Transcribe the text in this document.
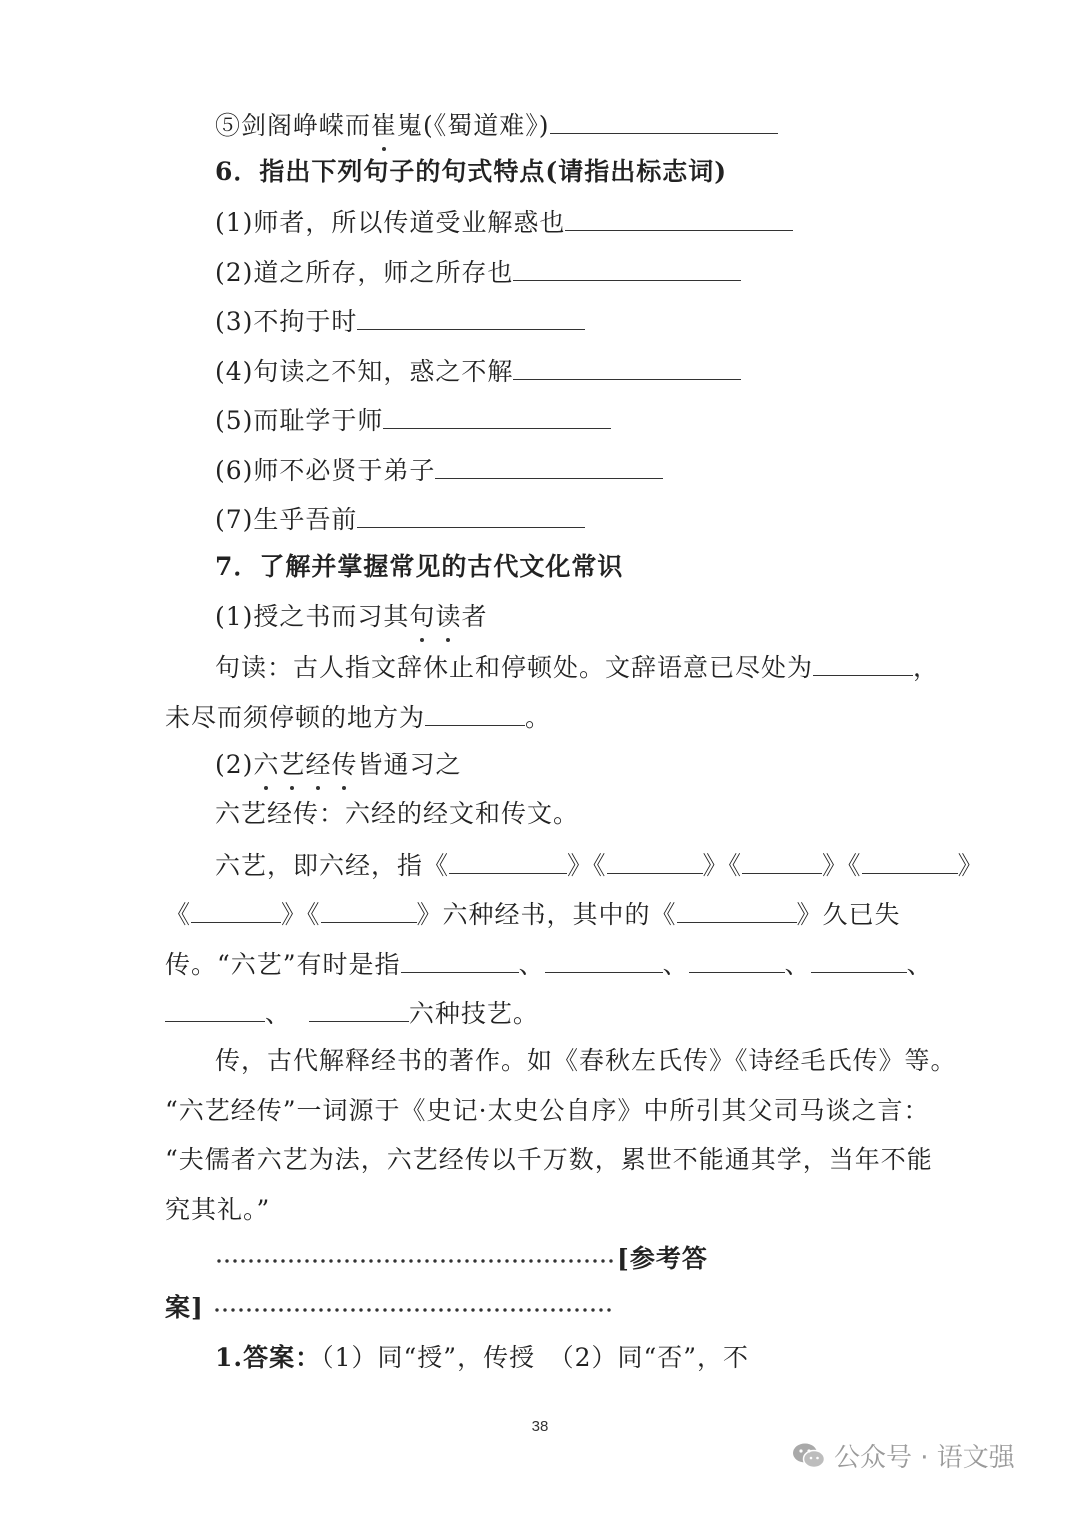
⑤剑阁峥嵘而崔嵬(《蜀道难》)
6．指出下列句子的句式特点(请指出标志词)
(1)师者，所以传道受业解惑也
(2)道之所存，师之所存也
(3)不拘于时
(4)句读之不知，惑之不解
(5)而耻学于师
(6)师不必贤于弟子
(7)生乎吾前
7．了解并掌握常见的古代文化常识
(1)授之书而习其句读者
句读：古人指文辞休止和停顿处。文辞语意已尽处为	，
未尽而须停顿的地方为	。
(2)六艺经传皆通习之
六艺经传：六经的经文和传文。
六艺，即六经，指《	》《	》《	》《	》
《	》《	》六种经书，其中的《	》久已失
传。“六艺”有时是指	、	、	、	、
、	六种技艺。
传，古代解释经书的著作。如《春秋左氏传》《诗经毛氏传》等。
“六艺经传”一词源于《史记·太史公自序》中所引其父司马谈之言：
“夫儒者六艺为法，六艺经传以千万数，累世不能通其学，当年不能
究其礼。”
[参考答
案]
1.答案：（1）同“授”，传授　（2）同“否”，不
38
公众号 · 语文强
